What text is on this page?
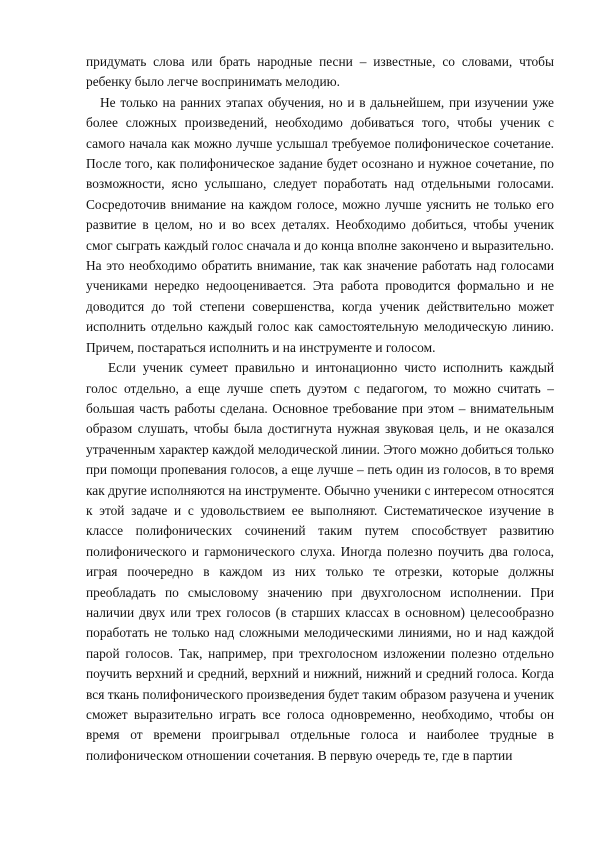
придумать слова или брать народные песни – известные, со словами, чтобы ребенку было легче воспринимать мелодию.

Не только на ранних этапах обучения, но и в дальнейшем, при изучении уже более сложных произведений, необходимо добиваться того, чтобы ученик с самого начала как можно лучше услышал требуемое полифоническое сочетание. После того, как полифоническое задание будет осознано и нужное сочетание, по возможности, ясно услышано, следует поработать над отдельными голосами. Сосредоточив внимание на каждом голосе, можно лучше уяснить не только его развитие в целом, но и во всех деталях. Необходимо добиться, чтобы ученик смог сыграть каждый голос сначала и до конца вполне закончено и выразительно. На это необходимо обратить внимание, так как значение работать над голосами учениками нередко недооценивается. Эта работа проводится формально и не доводится до той степени совершенства, когда ученик действительно может исполнить отдельно каждый голос как самостоятельную мелодическую линию. Причем, постараться исполнить и на инструменте и голосом.

Если ученик сумеет правильно и интонационно чисто исполнить каждый голос отдельно, а еще лучше спеть дуэтом с педагогом, то можно считать – большая часть работы сделана. Основное требование при этом – внимательным образом слушать, чтобы была достигнута нужная звуковая цель, и не оказался утраченным характер каждой мелодической линии. Этого можно добиться только при помощи пропевания голосов, а еще лучше – петь один из голосов, в то время как другие исполняются на инструменте. Обычно ученики с интересом относятся к этой задаче и с удовольствием ее выполняют. Систематическое изучение в классе полифонических сочинений таким путем способствует развитию полифонического и гармонического слуха. Иногда полезно поучить два голоса, играя поочередно в каждом из них только те отрезки, которые должны преобладать по смысловому значению при двухголосном исполнении. При наличии двух или трех голосов (в старших классах в основном) целесообразно поработать не только над сложными мелодическими линиями, но и над каждой парой голосов. Так, например, при трехголосном изложении полезно отдельно поучить верхний и средний, верхний и нижний, нижний и средний голоса. Когда вся ткань полифонического произведения будет таким образом разучена и ученик сможет выразительно играть все голоса одновременно, необходимо, чтобы он время от времени проигрывал отдельные голоса и наиболее трудные в полифоническом отношении сочетания. В первую очередь те, где в партии
